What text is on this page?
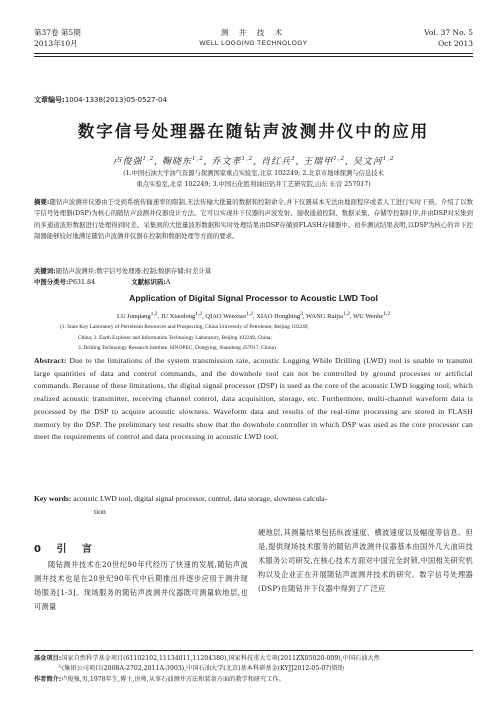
第37卷 第5期
2013年10月
测 井 技 术
WELL LOGGING TECHNOLOGY
Vol. 37 No. 5
Oct 2013
文章编号:1004-1338(2013)05-0527-04
数字信号处理器在随钻声波测井仪中的应用
卢俊强$^{1,2}$, 鞠晓东$^{1,2}$, 乔文孝$^{1,2}$, 肖红兵$^3$, 王瑞甲$^{1,2}$, 吴文河$^{1,2}$
(1.中国石油大学油气资源与探测国家重点实验室,北京 102249; 2.北京市地球探测与信息技术
重点实验室,北京 102249; 3.中国石化胜利油田钻井工艺研究院,山东 东营 257017)
摘要:随钻声波测井仪器由于受到系统传输速率的限制,无法传输大批量的数据和控制命令,井下仪器基本无法由地面程序或者人工进行实时干预。介绍了以数字信号处理器(DSP)为核心的随钻声波测井仪器设计方法。它可以实现井下仪器的声波发射、接收通道控制、数据采集、存储等控制时序,并由DSP对采集到的多通道波形数据进行处理得到时差。采集到的大批量波形数据和实时处理结果由DSP存储到FLASH存储器中。初步测试结果表明,以DSP为核心的井下控制器能够较好地满足随钻声波测井仪器在控制和数据处理等方面的要求。
关键词:随钻声波测井;数字信号处理器;控制;数据存储;时差计算
中图分类号:P631.84	文献标识码:A
Application of Digital Signal Processor to Acoustic LWD Tool
LU Junqiang$^{1,2}$, JU Xiaodong$^{1,2}$, QIAO Wenxiao$^{1,2}$, XIAO Hongbing$^3$, WANG Ruijia$^{1,2}$, WU Wenhe$^{1,2}$
(1. State Key Laboratory of Petroleum Resources and Prospecting, China University of Petroleum, Beijing 102249,
China; 2. Earth Explorer and Information Technology Laboratory, Beijing 102249, China;
3. Drilling Technology Research Institute, SINOPEC, Dongying, Shandong 257017, China)
Abstract: Due to the limitations of the system transmission rate, acoustic Logging While Drilling (LWD) tool is unable to transmit large quantities of data and control commands, and the downhole tool can not be controlled by ground processes or artificial commands. Because of these limitations, the digital signal processor (DSP) is used as the core of the acoustic LWD logging tool, which realized acoustic transmitter, receiving channel control, data acquisition, storage, etc. Furthermore, multi-channel waveform data is processed by the DSP to acquire acoustic slowness. Waveform data and results of the real-time processing are stored in FLASH memory by the DSP. The preliminary test results show that the downhole controller in which DSP was used as the core processor can meet the requirements of control and data processing in acoustic LWD tool.
Key words: acoustic LWD tool, digital signal processor, control, data storage, slowness calcula-
tion
0 引 言
随钻测井技术在20世纪90年代经历了快速的发展,随钻声波测井技术也是在20世纪90年代中后期推出并逐步应用于测井现场服务[1-3]。现场服务的随钻声波测井仪器既可测量软地层,也可测量
硬地层,其测量结果包括纵波速度、横波速度以及幅度等信息。但是,提供现场技术服务的随钻声波测井仪器基本由国外几大油田技术服务公司研发,在核心技术方面对中国完全封锁,中国相关研究机构以及企业正在开展随钻声波测井技术的研究。数字信号处理器(DSP)在随钻井下仪器中得到了广泛应
基金项目:国家自然科学基金项目(61102102,11134011,11204380),国家科技重大专项(2011ZX05020-009),中国石油大然
气集团公司项目(2008A-2702,2011A-3903),中国石油大学(北京)基本科研基金(KYJJ2012-05-07)资助
作者简介:卢俊强,男,1978年生,博士,讲师,从事石油测井方法和装备方面的教学和研究工作。
